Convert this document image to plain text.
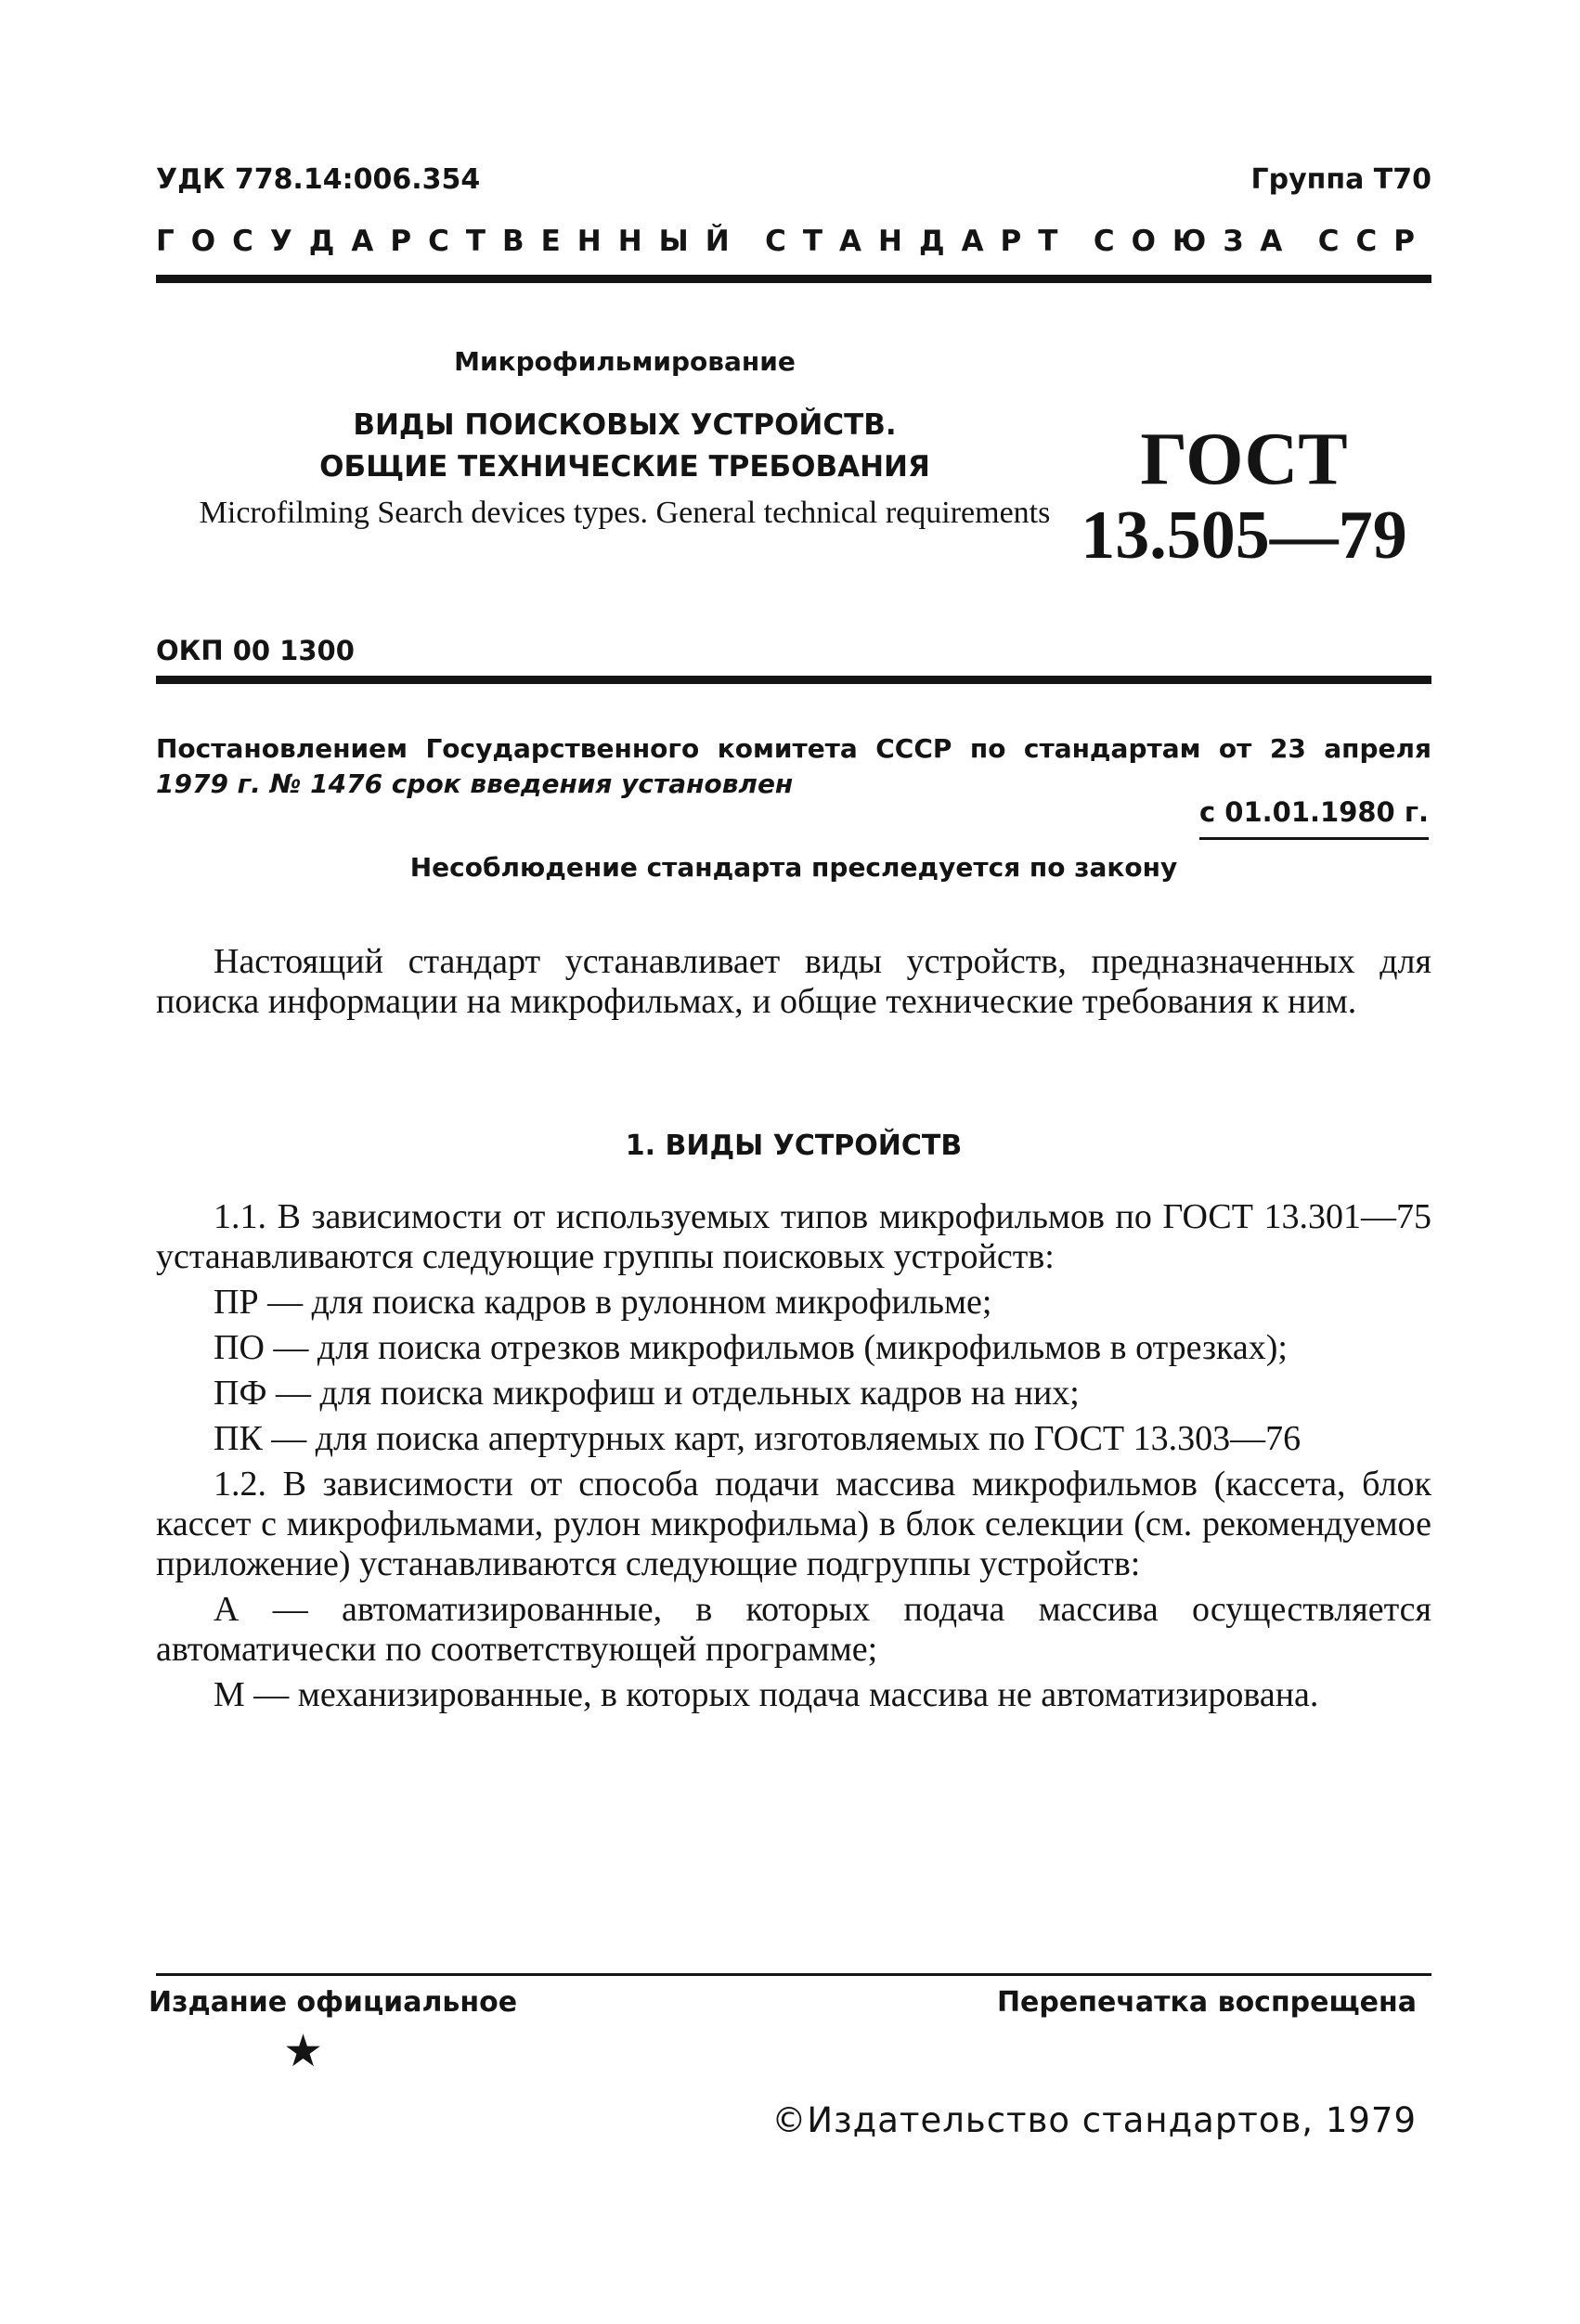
УДК 778.14:006.354	Группа Т70
ГОСУДАРСТВЕННЫЙ СТАНДАРТ СОЮЗА ССР
Микрофильмирование
ВИДЫ ПОИСКОВЫХ УСТРОЙСТВ.
ОБЩИЕ ТЕХНИЧЕСКИЕ ТРЕБОВАНИЯ
Microfilming Search devices types. General technical requirements
ГОСТ
13.505—79
ОКП 00 1300
Постановлением Государственного комитета СССР по стандартам от 23 апреля
1979 г. № 1476 срок введения установлен
с 01.01.1980 г.
Несоблюдение стандарта преследуется по закону

Настоящий стандарт устанавливает виды устройств, предназначенных для поиска информации на микрофильмах, и общие технические требования к ним.

1. ВИДЫ УСТРОЙСТВ

1.1. В зависимости от используемых типов микрофильмов по ГОСТ 13.301—75 устанавливаются следующие группы поисковых устройств:

ПР — для поиска кадров в рулонном микрофильме;

ПО — для поиска отрезков микрофильмов (микрофильмов в отрезках);

ПФ — для поиска микрофиш и отдельных кадров на них;

ПК — для поиска апертурных карт, изготовляемых по ГОСТ 13.303—76

1.2. В зависимости от способа подачи массива микрофильмов (кассета, блок кассет с микрофильмами, рулон микрофильма) в блок селекции (см. рекомендуемое приложение) устанавливаются следующие подгруппы устройств:

А — автоматизированные, в которых подача массива осуществляется автоматически по соответствующей программе;

М — механизированные, в которых подача массива не автоматизирована.

Издание официальное	Перепечатка воспрещена
★
©Издательство стандартов, 1979
